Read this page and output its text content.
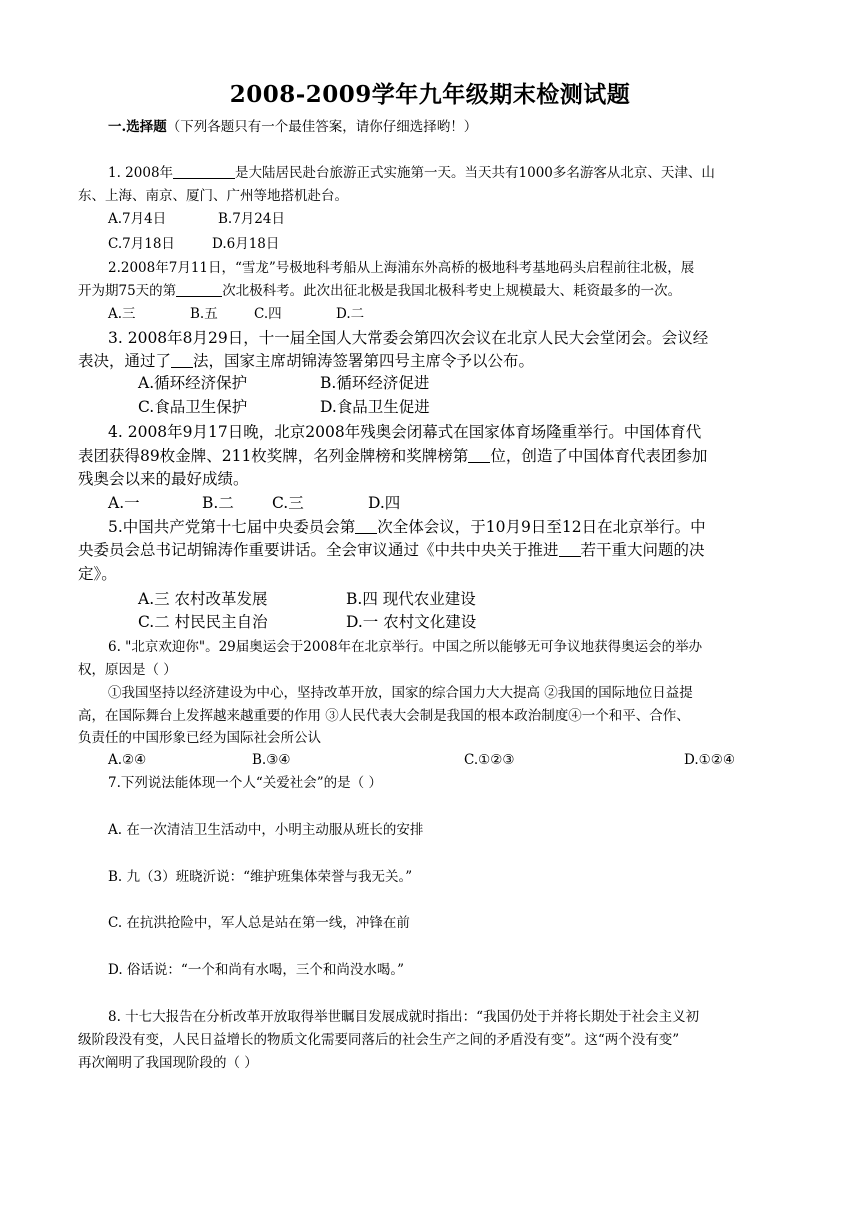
2008-2009学年九年级期末检测试题
一.选择题（下列各题只有一个最佳答案，请你仔细选择哟！）
1. 2008年	是大陆居民赴台旅游正式实施第一天。当天共有1000多名游客从北京、天津、山
东、上海、南京、厦门、广州等地搭机赴台。
A.7月4日	B.7月24日
C.7月18日	D.6月18日
2.2008年7月11日，“雪龙”号极地科考船从上海浦东外高桥的极地科考基地码头启程前往北极，展
开为期75天的第	次北极科考。此次出征北极是我国北极科考史上规模最大、耗资最多的一次。
A.三	B.五	C.四	D.二
3. 2008年8月29日，十一届全国人大常委会第四次会议在北京人民大会堂闭会。会议经
表决，通过了 法，国家主席胡锦涛签署第四号主席令予以公布。
A.循环经济保护	B.循环经济促进
C.食品卫生保护	D.食品卫生促进
4. 2008年9月17日晚，北京2008年残奥会闭幕式在国家体育场隆重举行。中国体育代
表团获得89枚金牌、211枚奖牌，名列金牌榜和奖牌榜第 位，创造了中国体育代表团参加
残奥会以来的最好成绩。
A.一	B.二 C.三	D.四
5.中国共产党第十七届中央委员会第 次全体会议，于10月9日至12日在北京举行。中
央委员会总书记胡锦涛作重要讲话。全会审议通过《中共中央关于推进 若干重大问题的决
定》。
A.三 农村改革发展	B.四 现代农业建设
C.二 村民民主自治	D.一 农村文化建设
6. "北京欢迎你"。29届奥运会于2008年在北京举行。中国之所以能够无可争议地获得奥运会的举办
权，原因是（ ）
①我国坚持以经济建设为中心，坚持改革开放，国家的综合国力大大提高 ②我国的国际地位日益提
高，在国际舞台上发挥越来越重要的作用 ③人民代表大会制是我国的根本政治制度④一个和平、合作、
负责任的中国形象已经为国际社会所公认
A.②④	B.③④	C.①②③	D.①②④
7.下列说法能体现一个人“关爱社会”的是（ ）
A. 在一次清洁卫生活动中，小明主动服从班长的安排
B. 九（3）班晓沂说：“维护班集体荣誉与我无关。”
C. 在抗洪抢险中，军人总是站在第一线，冲锋在前
D. 俗话说：“一个和尚有水喝，三个和尚没水喝。”
8. 十七大报告在分析改革开放取得举世瞩目发展成就时指出：“我国仍处于并将长期处于社会主义初
级阶段没有变，人民日益增长的物质文化需要同落后的社会生产之间的矛盾没有变”。这“两个没有变”
再次阐明了我国现阶段的（ ）
